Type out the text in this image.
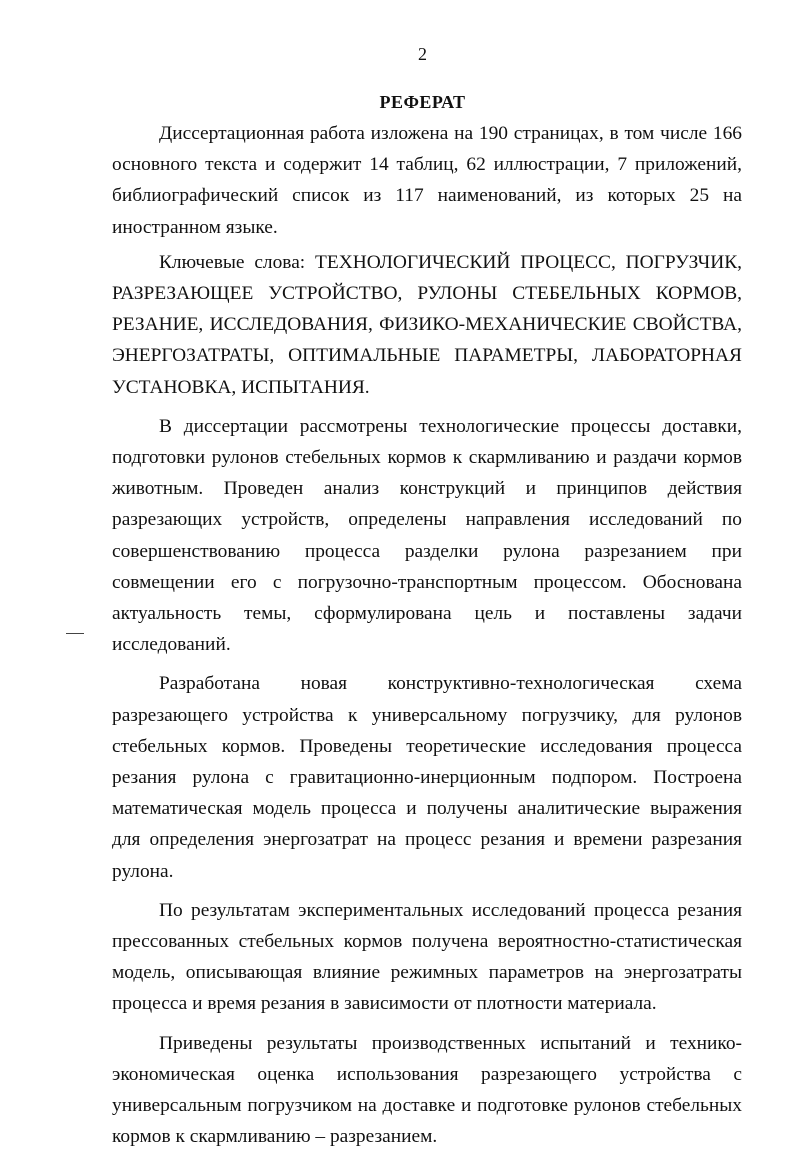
2
РЕФЕРАТ

Диссертационная работа изложена на 190 страницах, в том числе 166 основного текста и содержит 14 таблиц, 62 иллюстрации, 7 приложений, библиографический список из 117 наименований, из которых 25 на иностранном языке.

Ключевые слова: ТЕХНОЛОГИЧЕСКИЙ ПРОЦЕСС, ПОГРУЗЧИК, РАЗРЕЗАЮЩЕЕ УСТРОЙСТВО, РУЛОНЫ СТЕБЕЛЬНЫХ КОРМОВ, РЕЗАНИЕ, ИССЛЕДОВАНИЯ, ФИЗИКО-МЕХАНИЧЕСКИЕ СВОЙСТВА, ЭНЕРГОЗАТРАТЫ, ОПТИМАЛЬНЫЕ ПАРАМЕТРЫ, ЛАБОРАТОРНАЯ УСТАНОВКА, ИСПЫТАНИЯ.

В диссертации рассмотрены технологические процессы доставки, подготовки рулонов стебельных кормов к скармливанию и раздачи кормов животным. Проведен анализ конструкций и принципов действия разрезающих устройств, определены направления исследований по совершенствованию процесса разделки рулона разрезанием при совмещении его с погрузочно-транспортным процессом. Обоснована актуальность темы, сформулирована цель и поставлены задачи исследований.

Разработана новая конструктивно-технологическая схема разрезающего устройства к универсальному погрузчику, для рулонов стебельных кормов. Проведены теоретические исследования процесса резания рулона с гравитационно-инерционным подпором. Построена математическая модель процесса и получены аналитические выражения для определения энергозатрат на процесс резания и времени разрезания рулона.

По результатам экспериментальных исследований процесса резания прессованных стебельных кормов получена вероятностно-статистическая модель, описывающая влияние режимных параметров на энергозатраты процесса и время резания в зависимости от плотности материала.

Приведены результаты производственных испытаний и технико-экономическая оценка использования разрезающего устройства с универсальным погрузчиком на доставке и подготовке рулонов стебельных кормов к скармливанию – разрезанием.
